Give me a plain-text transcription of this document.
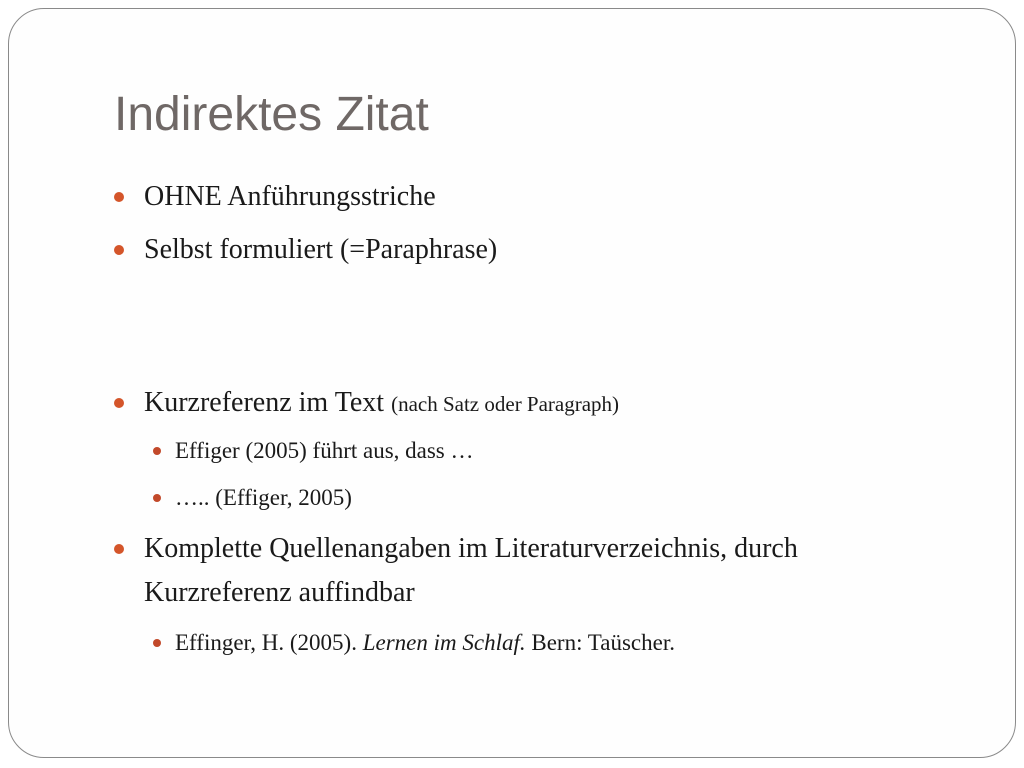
Indirektes Zitat
OHNE Anführungsstriche
Selbst formuliert (=Paraphrase)
Kurzreferenz im Text (nach Satz oder Paragraph)
Effiger (2005) führt aus, dass …
….. (Effiger, 2005)
Komplette Quellenangaben im Literaturverzeichnis, durch
Kurzreferenz auffindbar
Effinger, H. (2005). Lernen im Schlaf. Bern: Taüscher.
